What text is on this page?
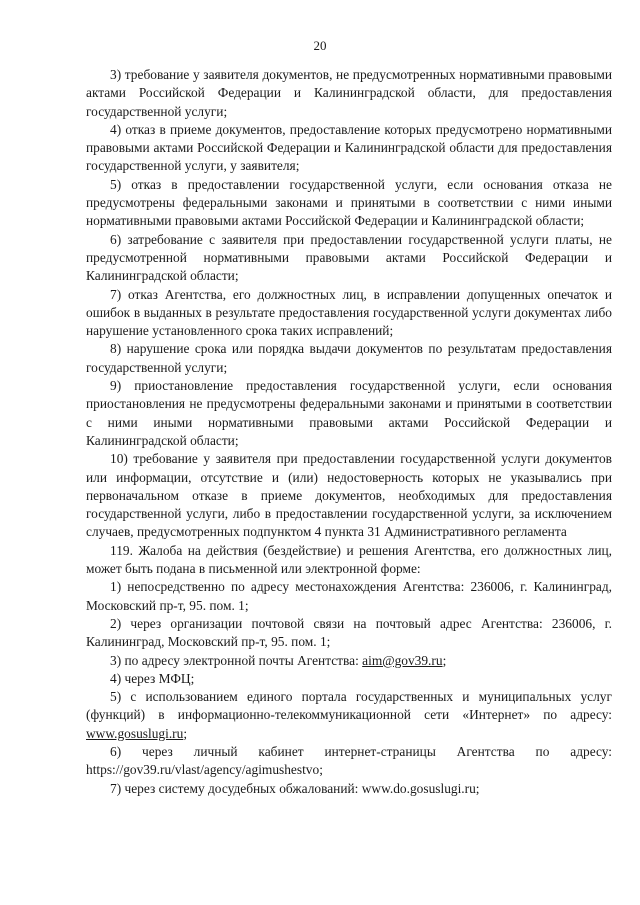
20

3) требование у заявителя документов, не предусмотренных нормативными правовыми актами Российской Федерации и Калининградской области, для предоставления государственной услуги;

4) отказ в приеме документов, предоставление которых предусмотрено нормативными правовыми актами Российской Федерации и Калининградской области для предоставления государственной услуги, у заявителя;

5) отказ в предоставлении государственной услуги, если основания отказа не предусмотрены федеральными законами и принятыми в соответствии с ними иными нормативными правовыми актами Российской Федерации и Калининградской области;

6) затребование с заявителя при предоставлении государственной услуги платы, не предусмотренной нормативными правовыми актами Российской Федерации и Калининградской области;

7) отказ Агентства, его должностных лиц, в исправлении допущенных опечаток и ошибок в выданных в результате предоставления государственной услуги документах либо нарушение установленного срока таких исправлений;

8) нарушение срока или порядка выдачи документов по результатам предоставления государственной услуги;

9) приостановление предоставления государственной услуги, если основания приостановления не предусмотрены федеральными законами и принятыми в соответствии с ними иными нормативными правовыми актами Российской Федерации и Калининградской области;

10) требование у заявителя при предоставлении государственной услуги документов или информации, отсутствие и (или) недостоверность которых не указывались при первоначальном отказе в приеме документов, необходимых для предоставления государственной услуги, либо в предоставлении государственной услуги, за исключением случаев, предусмотренных подпунктом 4 пункта 31 Административного регламента

119. Жалоба на действия (бездействие) и решения Агентства, его должностных лиц, может быть подана в письменной или электронной форме:

1) непосредственно по адресу местонахождения Агентства: 236006, г. Калининград, Московский пр-т, 95. пом. 1;

2) через организации почтовой связи на почтовый адрес Агентства: 236006, г. Калининград, Московский пр-т, 95. пом. 1;

3) по адресу электронной почты Агентства: aim@gov39.ru;

4) через МФЦ;

5) с использованием единого портала государственных и муниципальных услуг (функций) в информационно-телекоммуникационной сети «Интернет» по адресу: www.gosuslugi.ru;

6) через личный кабинет интернет-страницы Агентства по адресу: https://gov39.ru/vlast/agency/agimushestvo;

7) через систему досудебных обжалований: www.do.gosuslugi.ru;
